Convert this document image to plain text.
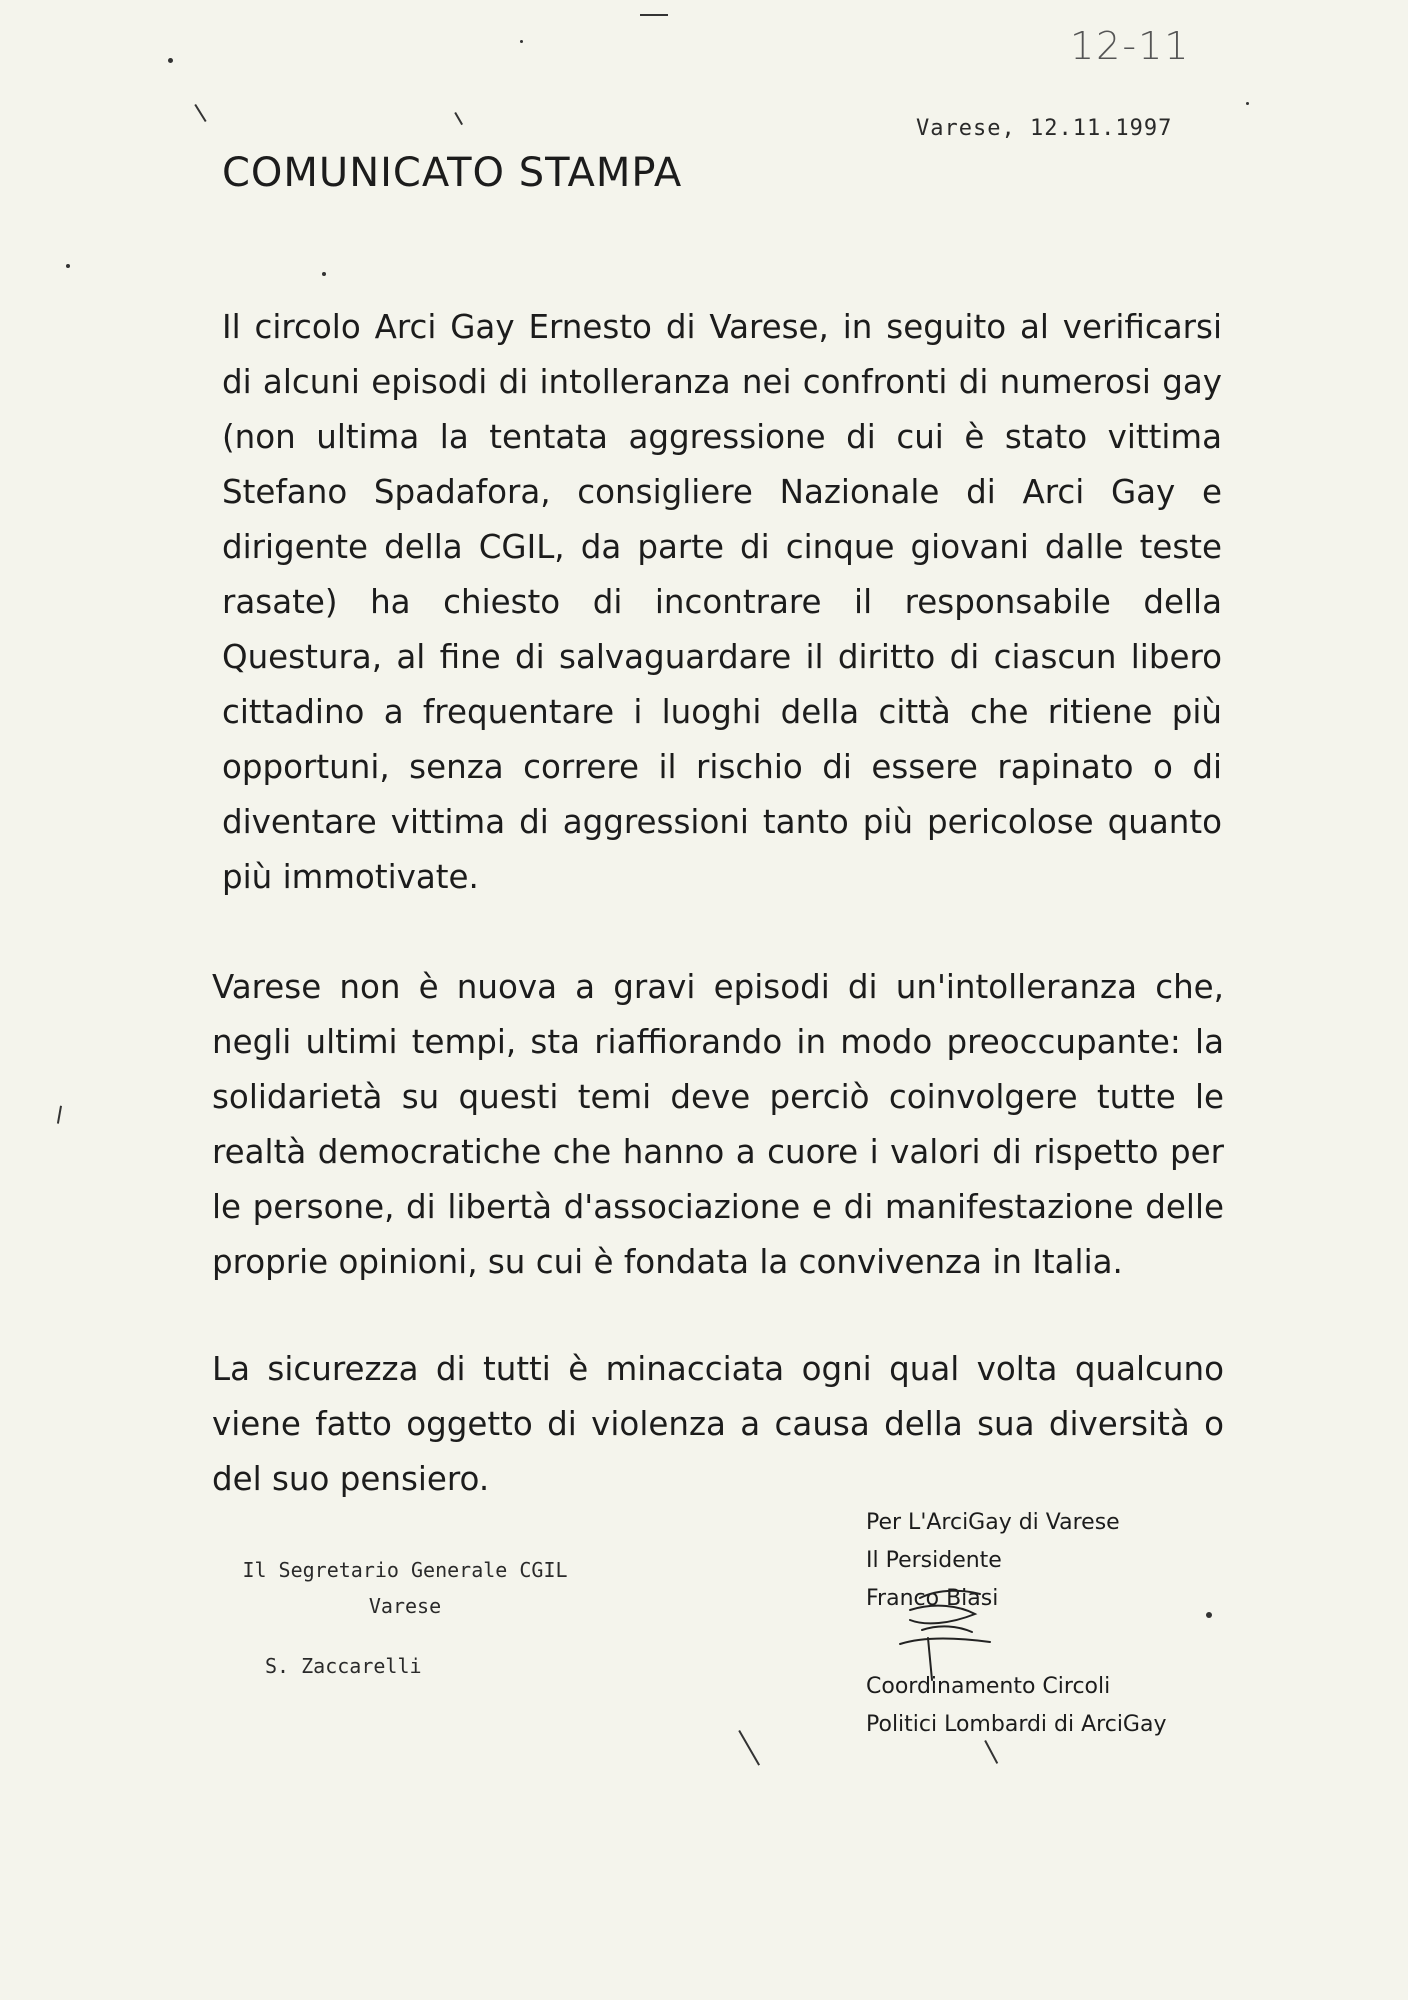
12-11
Varese, 12.11.1997
COMUNICATO STAMPA

Il circolo Arci Gay Ernesto di Varese, in seguito al verificarsi di alcuni episodi di intolleranza nei confronti di numerosi gay (non ultima la tentata aggressione di cui è stato vittima Stefano Spadafora, consigliere Nazionale di Arci Gay e dirigente della CGIL, da parte di cinque giovani dalle teste rasate) ha chiesto di incontrare il responsabile della Questura, al fine di salvaguardare il diritto di ciascun libero cittadino a frequentare i luoghi della città che ritiene più opportuni, senza correre il rischio di essere rapinato o di diventare vittima di aggressioni tanto più pericolose quanto più immotivate.

Varese non è nuova a gravi episodi di un'intolleranza che, negli ultimi tempi, sta riaffiorando in modo preoccupante: la solidarietà su questi temi deve perciò coinvolgere tutte le realtà democratiche che hanno a cuore i valori di rispetto per le persone, di libertà d'associazione e di manifestazione delle proprie opinioni, su cui è fondata la convivenza in Italia.

La sicurezza di tutti è minacciata ogni qual volta qualcuno viene fatto oggetto di violenza a causa della sua diversità o del suo pensiero.

Il Segretario Generale CGIL
Varese
S. Zaccarelli
Per L'ArciGay di Varese
Il Persidente
Franco Biasi
Coordinamento Circoli
Politici Lombardi di ArciGay
